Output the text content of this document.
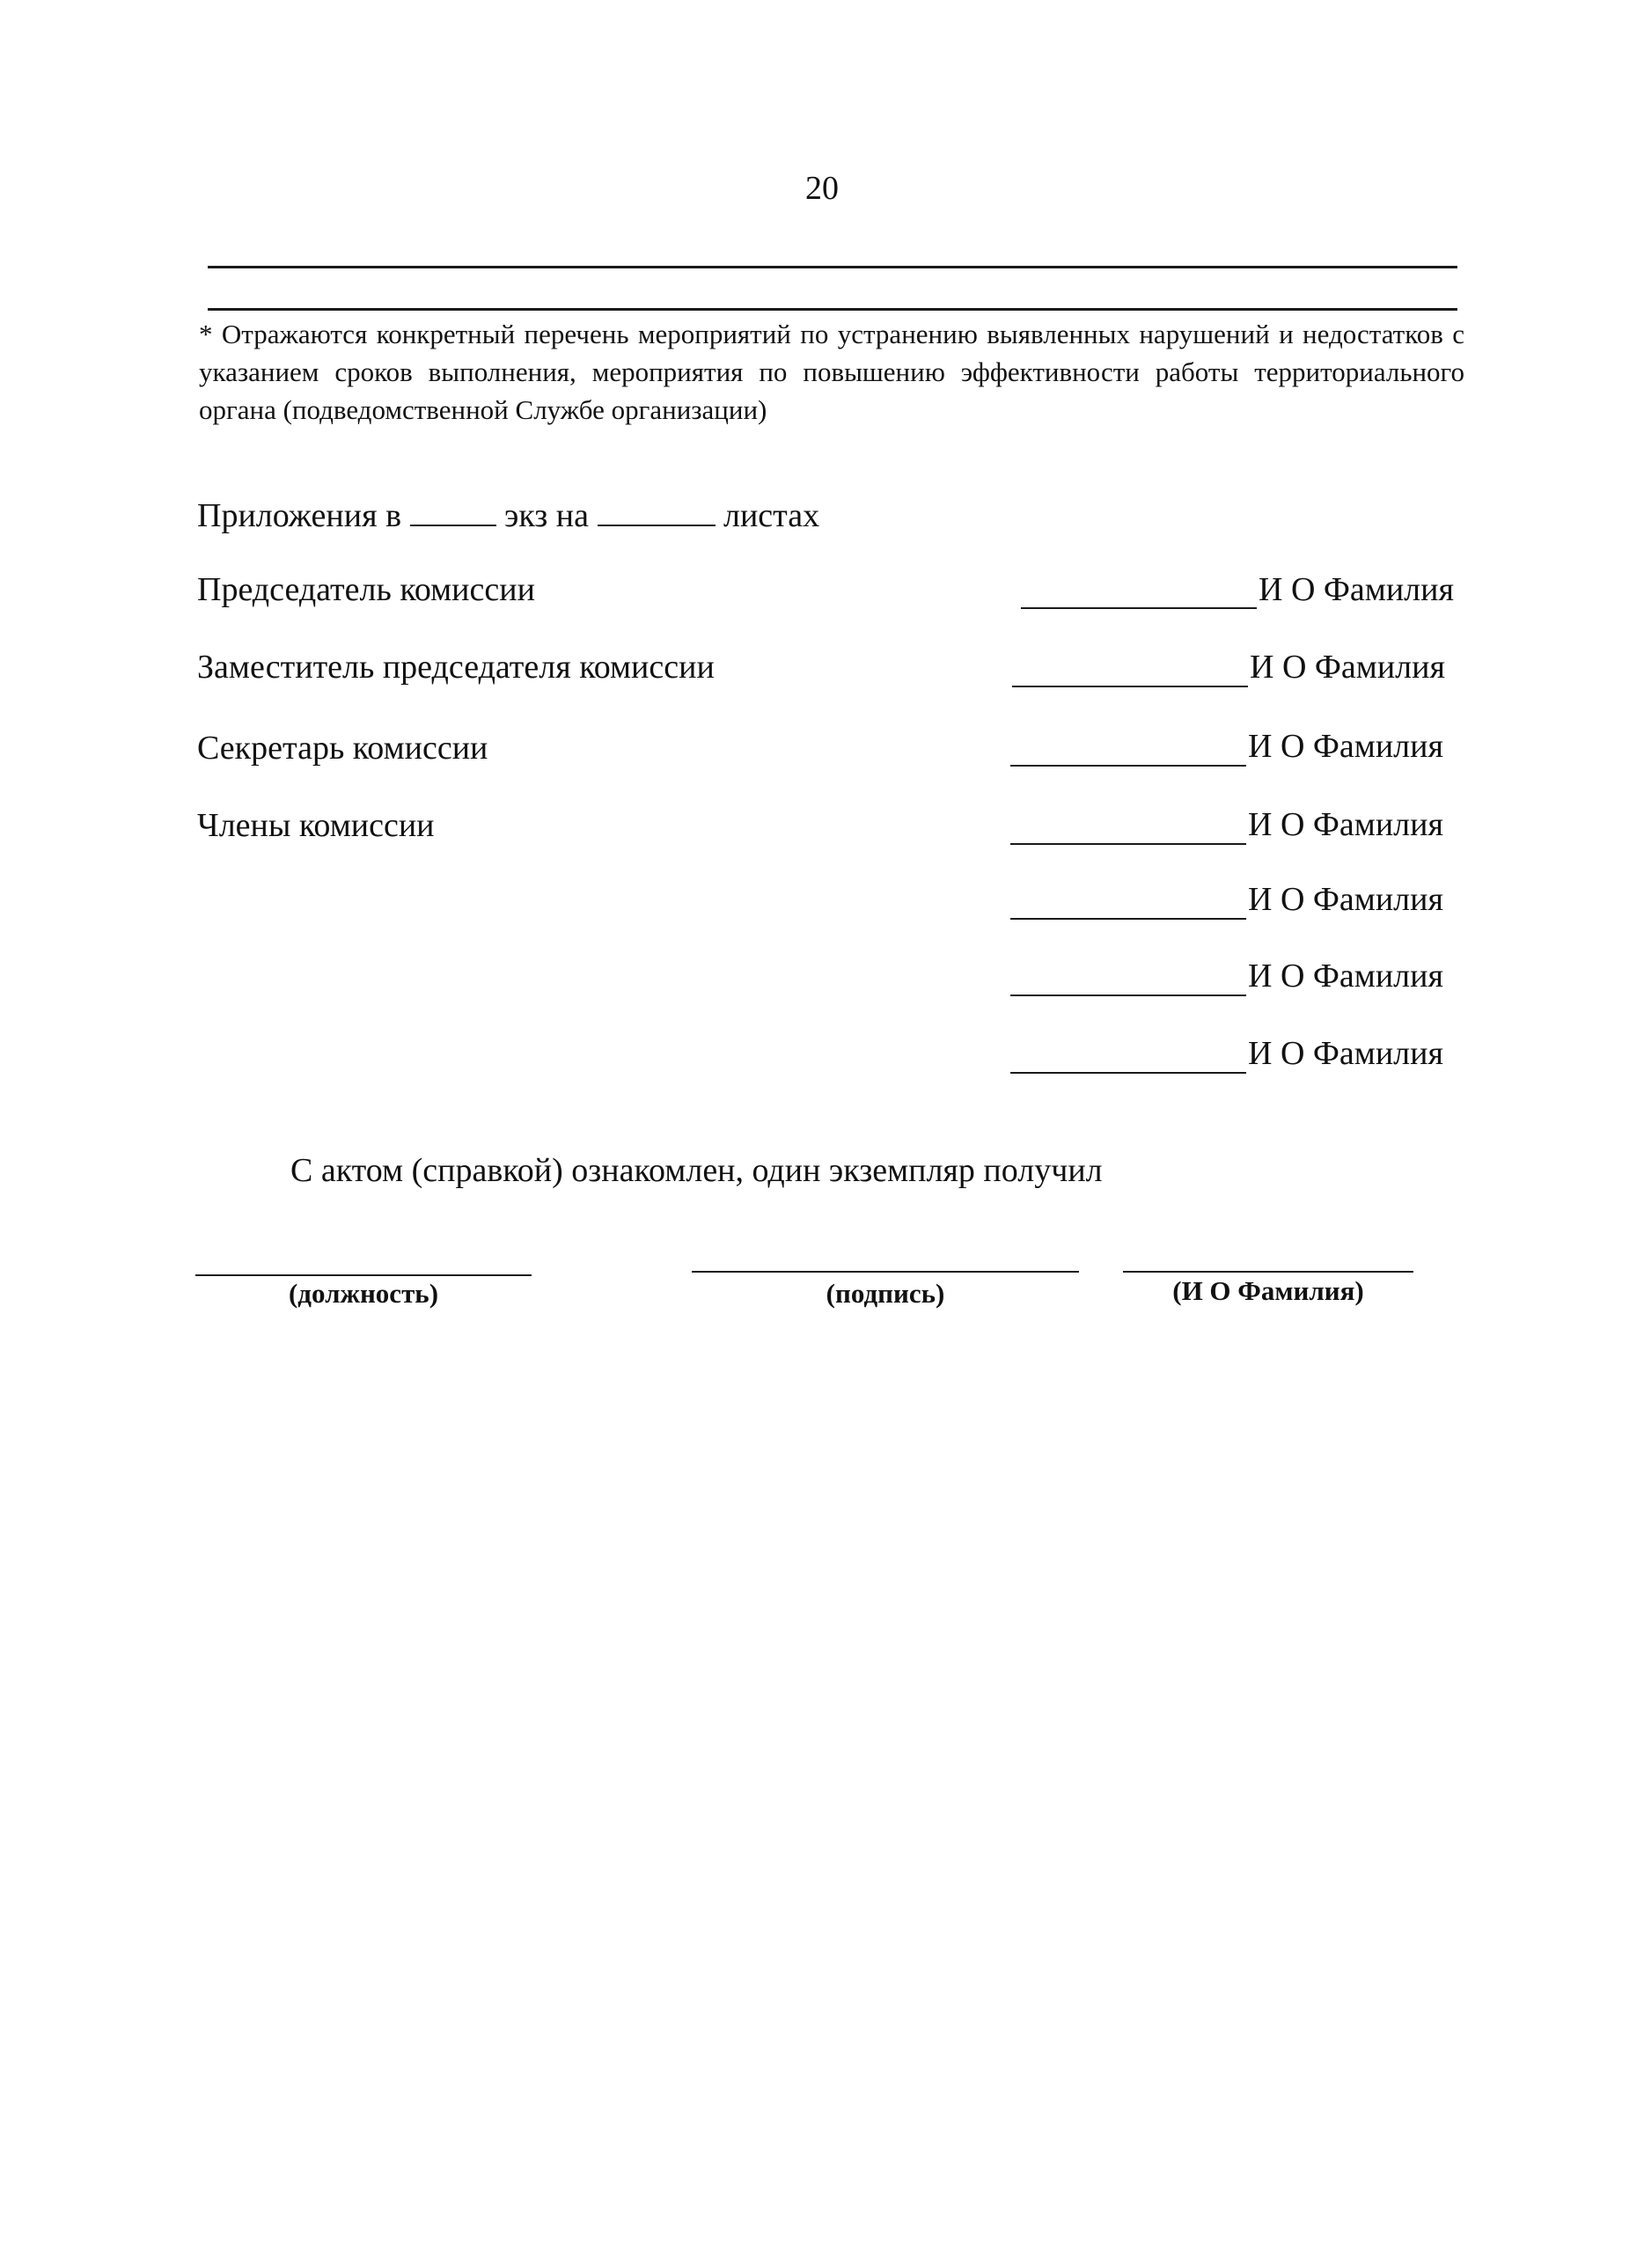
20
* Отражаются конкретный перечень мероприятий по устранению выявленных нарушений и недостатков с указанием сроков выполнения, мероприятия по повышению эффективности работы территориального органа (подведомственной Службе организации)
Приложения в	экз на	листах
Председатель комиссии	И О Фамилия
Заместитель председателя комиссии	И О Фамилия
Секретарь комиссии	И О Фамилия
Члены комиссии	И О Фамилия
И О Фамилия
И О Фамилия
И О Фамилия
С актом (справкой) ознакомлен, один экземпляр получил
(должность)	(подпись)	(И О Фамилия)
